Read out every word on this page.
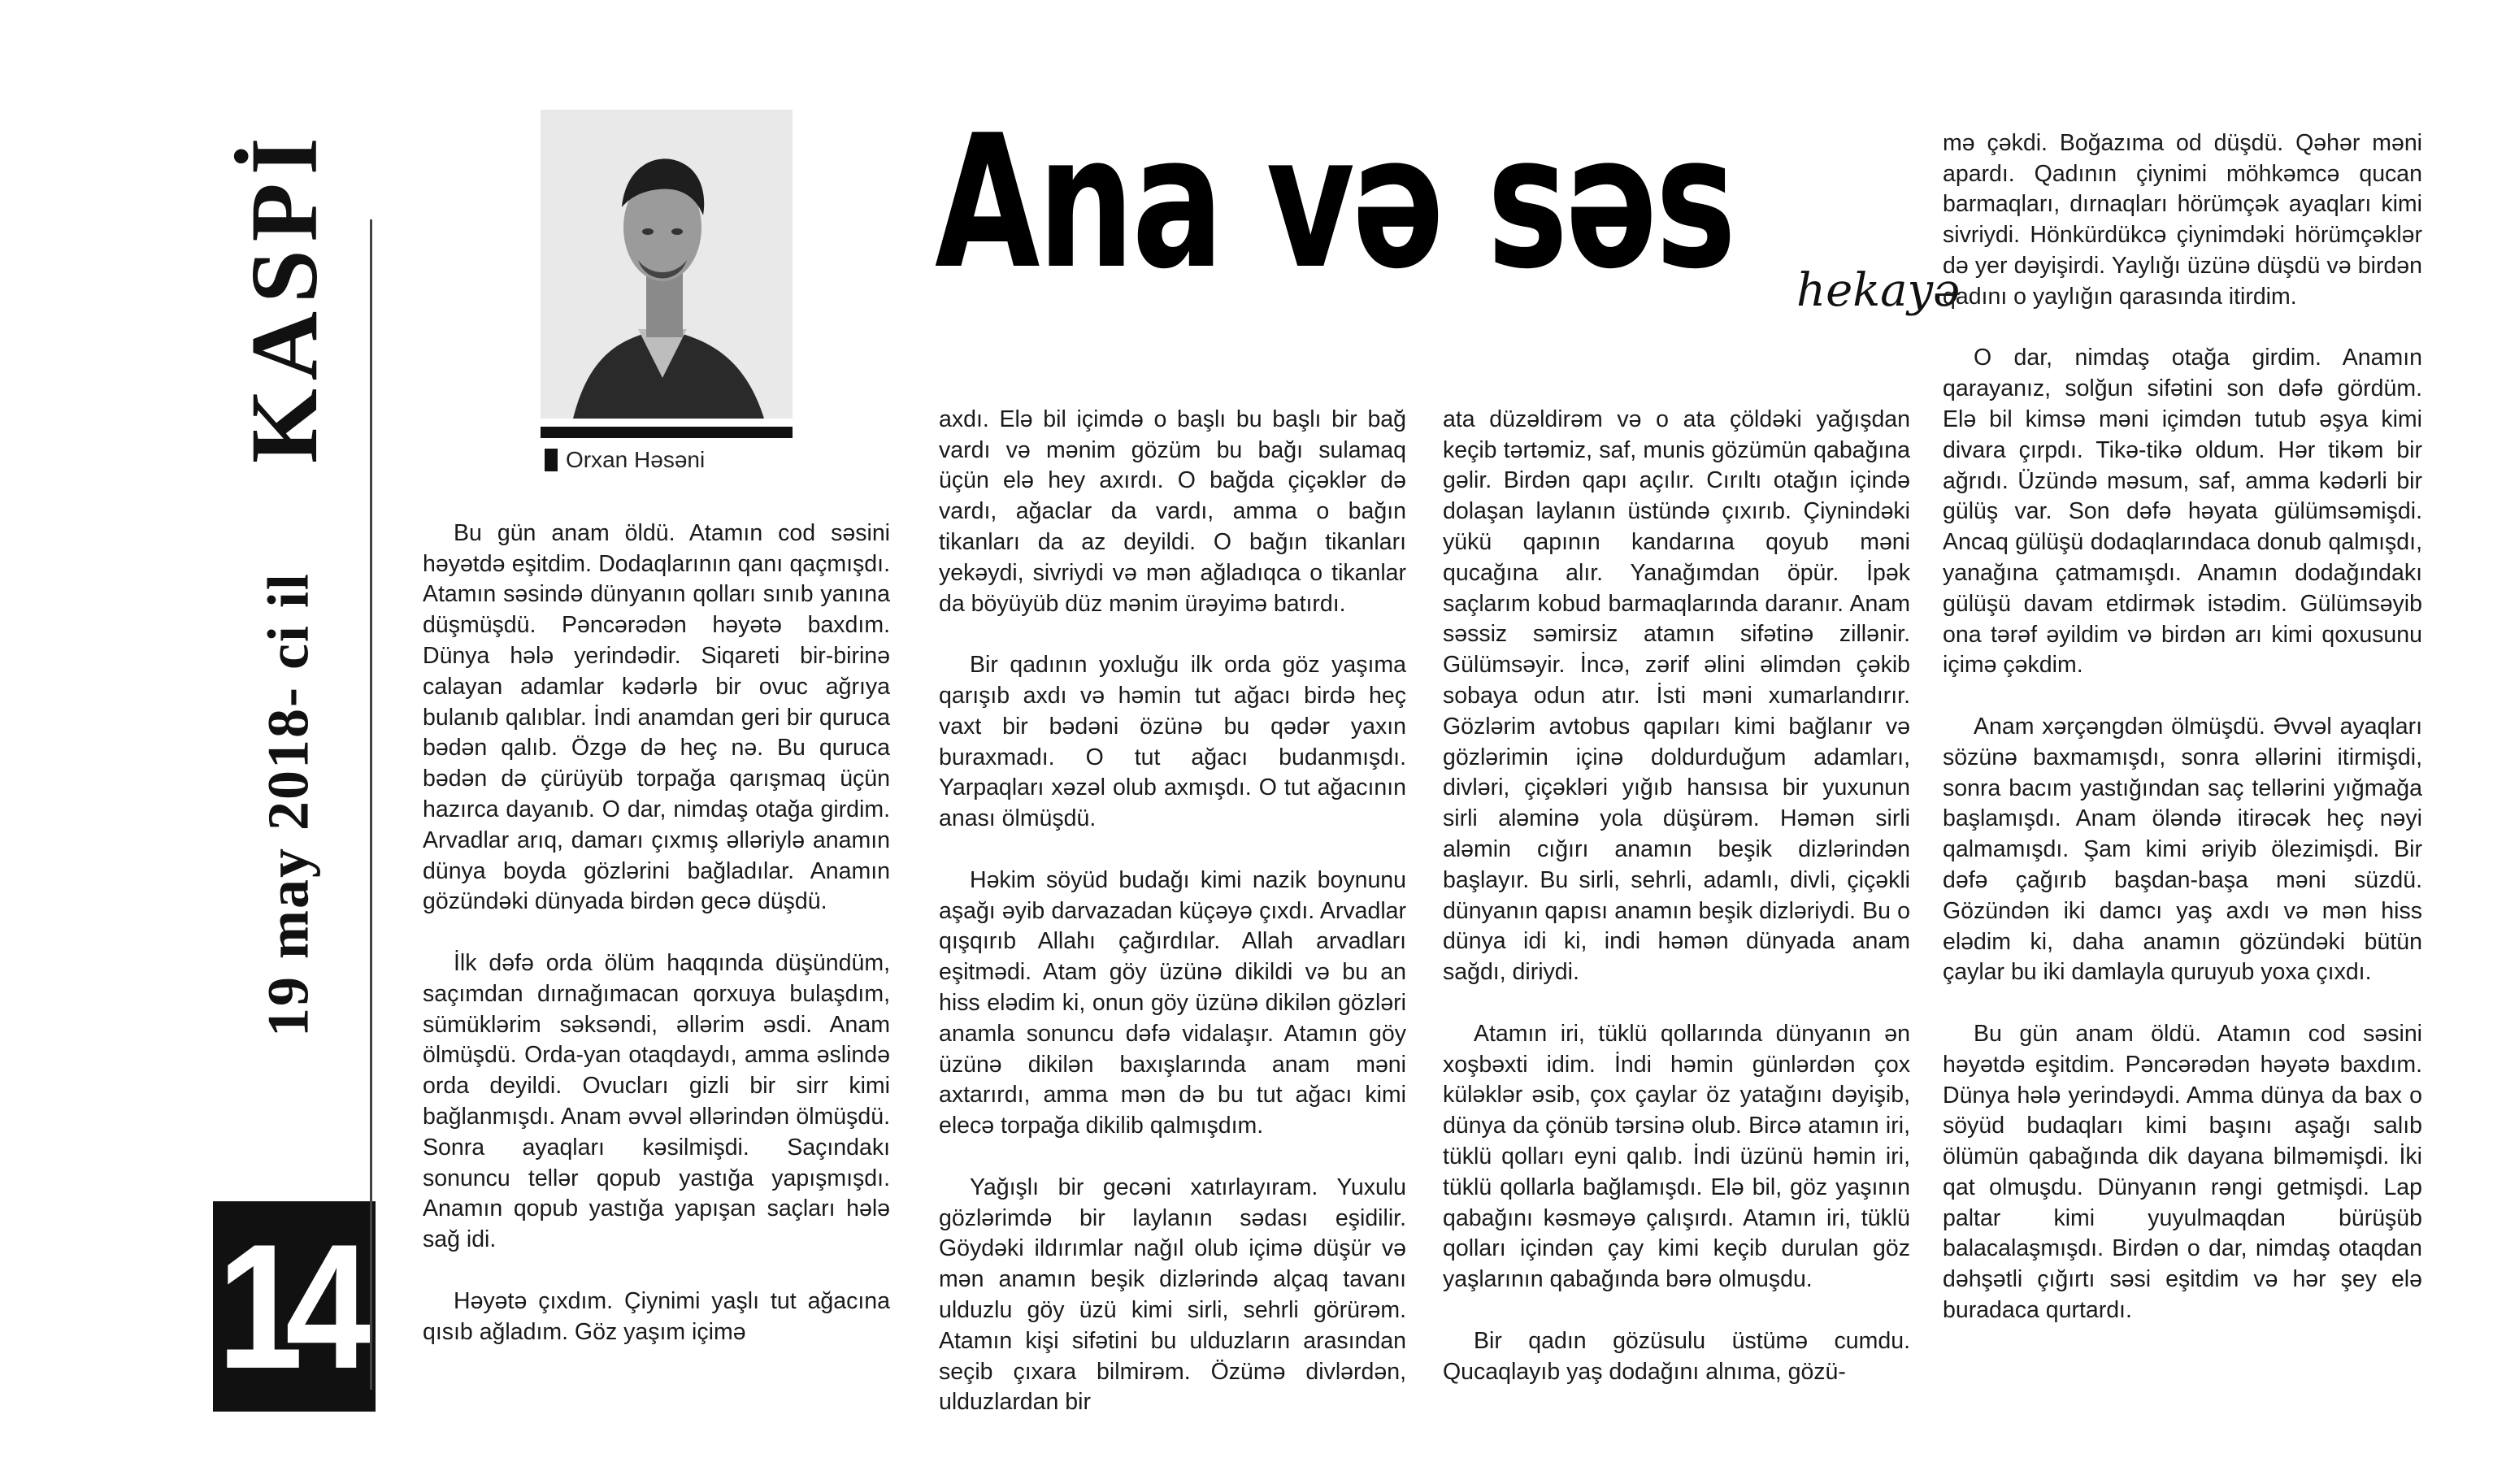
KASPİ
19 may 2018- ci il
14
Orxan Həsəni
Ana və səs hekayə

Bu gün anam öldü. Atamın cod səsini həyətdə eşitdim. Dodaqlarının qanı qaçmışdı. Atamın səsində dünyanın qolları sınıb yanına düşmüşdü. Pəncərədən həyətə baxdım. Dünya hələ yerindədir. Siqareti bir-birinə calayan adamlar kədərlə bir ovuc ağrıya bulanıb qalıblar. İndi anamdan geri bir quruca bədən qalıb. Özgə də heç nə. Bu quruca bədən də çürüyüb torpağa qarışmaq üçün hazırca dayanıb. O dar, nimdaş otağa girdim. Arvadlar arıq, damarı çıxmış əlləriylə anamın dünya boyda gözlərini bağladılar. Anamın gözündəki dünyada birdən gecə düşdü.

İlk dəfə orda ölüm haqqında düşündüm, saçımdan dırnağımacan qorxuya bulaşdım, sümüklərim səksəndi, əllərim əsdi. Anam ölmüşdü. Orda-yan otaqdaydı, amma əslində orda deyildi. Ovucları gizli bir sirr kimi bağlanmışdı. Anam əvvəl əllərindən ölmüşdü. Sonra ayaqları kəsilmişdi. Saçındakı sonuncu tellər qopub yastığa yapışmışdı. Anamın qopub yastığa yapışan saçları hələ sağ idi.

Həyətə çıxdım. Çiynimi yaşlı tut ağacına qısıb ağladım. Göz yaşım içimə

axdı. Elə bil içimdə o başlı bu başlı bir bağ vardı və mənim gözüm bu bağı sulamaq üçün elə hey axırdı. O bağda çiçəklər də vardı, ağaclar da vardı, amma o bağın tikanları da az deyildi. O bağın tikanları yekəydi, sivriydi və mən ağladıqca o tikanlar da böyüyüb düz mənim ürəyimə batırdı.

Bir qadının yoxluğu ilk orda göz yaşıma qarışıb axdı və həmin tut ağacı birdə heç vaxt bir bədəni özünə bu qədər yaxın buraxmadı. O tut ağacı budanmışdı. Yarpaqları xəzəl olub axmışdı. O tut ağacının anası ölmüşdü.

Həkim söyüd budağı kimi nazik boynunu aşağı əyib darvazadan küçəyə çıxdı. Arvadlar qışqırıb Allahı çağırdılar. Allah arvadları eşitmədi. Atam göy üzünə dikildi və bu an hiss elədim ki, onun göy üzünə dikilən gözləri anamla sonuncu dəfə vidalaşır. Atamın göy üzünə dikilən baxışlarında anam məni axtarırdı, amma mən də bu tut ağacı kimi elecə torpağa dikilib qalmışdım.

Yağışlı bir gecəni xatırlayıram. Yuxulu gözlərimdə bir laylanın sədası eşidilir. Göydəki ildırımlar nağıl olub içimə düşür və mən anamın beşik dizlərində alçaq tavanı ulduzlu göy üzü kimi sirli, sehrli görürəm. Atamın kişi sifətini bu ulduzların arasından seçib çıxara bilmirəm. Özümə divlərdən, ulduzlardan bir

ata düzəldirəm və o ata çöldəki yağışdan keçib tərtəmiz, saf, munis gözümün qabağına gəlir. Birdən qapı açılır. Cırıltı otağın içində dolaşan laylanın üstündə çıxırıb. Çiynindəki yükü qapının kandarına qoyub məni qucağına alır. Yanağımdan öpür. İpək saçlarım kobud barmaqlarında daranır. Anam səssiz səmirsiz atamın sifətinə zillənir. Gülümsəyir. İncə, zərif əlini əlimdən çəkib sobaya odun atır. İsti məni xumarlandırır. Gözlərim avtobus qapıları kimi bağlanır və gözlərimin içinə doldurduğum adamları, divləri, çiçəkləri yığıb hansısa bir yuxunun sirli aləminə yola düşürəm. Həmən sirli aləmin cığırı anamın beşik dizlərindən başlayır. Bu sirli, sehrli, adamlı, divli, çiçəkli dünyanın qapısı anamın beşik dizləriydi. Bu o dünya idi ki, indi həmən dünyada anam sağdı, diriydi.

Atamın iri, tüklü qollarında dünyanın ən xoşbəxti idim. İndi həmin günlərdən çox küləklər əsib, çox çaylar öz yatağını dəyişib, dünya da çönüb tərsinə olub. Bircə atamın iri, tüklü qolları eyni qalıb. İndi üzünü həmin iri, tüklü qollarla bağlamışdı. Elə bil, göz yaşının qabağını kəsməyə çalışırdı. Atamın iri, tüklü qolları içindən çay kimi keçib durulan göz yaşlarının qabağında bərə olmuşdu.

Bir qadın gözüsulu üstümə cumdu. Qucaqlayıb yaş dodağını alnıma, gözü-

mə çəkdi. Boğazıma od düşdü. Qəhər məni apardı. Qadının çiynimi möhkəmcə qucan barmaqları, dırnaqları hörümçək ayaqları kimi sivriydi. Hönkürdükcə çiynimdəki hörümçəklər də yer dəyişirdi. Yaylığı üzünə düşdü və birdən qadını o yaylığın qarasında itirdim.

O dar, nimdaş otağa girdim. Anamın qarayanız, solğun sifətini son dəfə gördüm. Elə bil kimsə məni içimdən tutub əşya kimi divara çırpdı. Tikə-tikə oldum. Hər tikəm bir ağrıdı. Üzündə məsum, saf, amma kədərli bir gülüş var. Son dəfə həyata gülümsəmişdi. Ancaq gülüşü dodaqlarındaca donub qalmışdı, yanağına çatmamışdı. Anamın dodağındakı gülüşü davam etdirmək istədim. Gülümsəyib ona tərəf əyildim və birdən arı kimi qoxusunu içimə çəkdim.

Anam xərçəngdən ölmüşdü. Əvvəl ayaqları sözünə baxmamışdı, sonra əllərini itirmişdi, sonra bacım yastığından saç tellərini yığmağa başlamışdı. Anam öləndə itirəcək heç nəyi qalmamışdı. Şam kimi əriyib ölezimişdi. Bir dəfə çağırıb başdan-başa məni süzdü. Gözündən iki damcı yaş axdı və mən hiss elədim ki, daha anamın gözündəki bütün çaylar bu iki damlayla quruyub yoxa çıxdı.

Bu gün anam öldü. Atamın cod səsini həyətdə eşitdim. Pəncərədən həyətə baxdım. Dünya hələ yerindəydi. Amma dünya da bax o söyüd budaqları kimi başını aşağı salıb ölümün qabağında dik dayana bilməmişdi. İki qat olmuşdu. Dünyanın rəngi getmişdi. Lap paltar kimi yuyulmaqdan bürüşüb balacalaşmışdı. Birdən o dar, nimdaş otaqdan dəhşətli çığırtı səsi eşitdim və hər şey elə buradaca qurtardı.
